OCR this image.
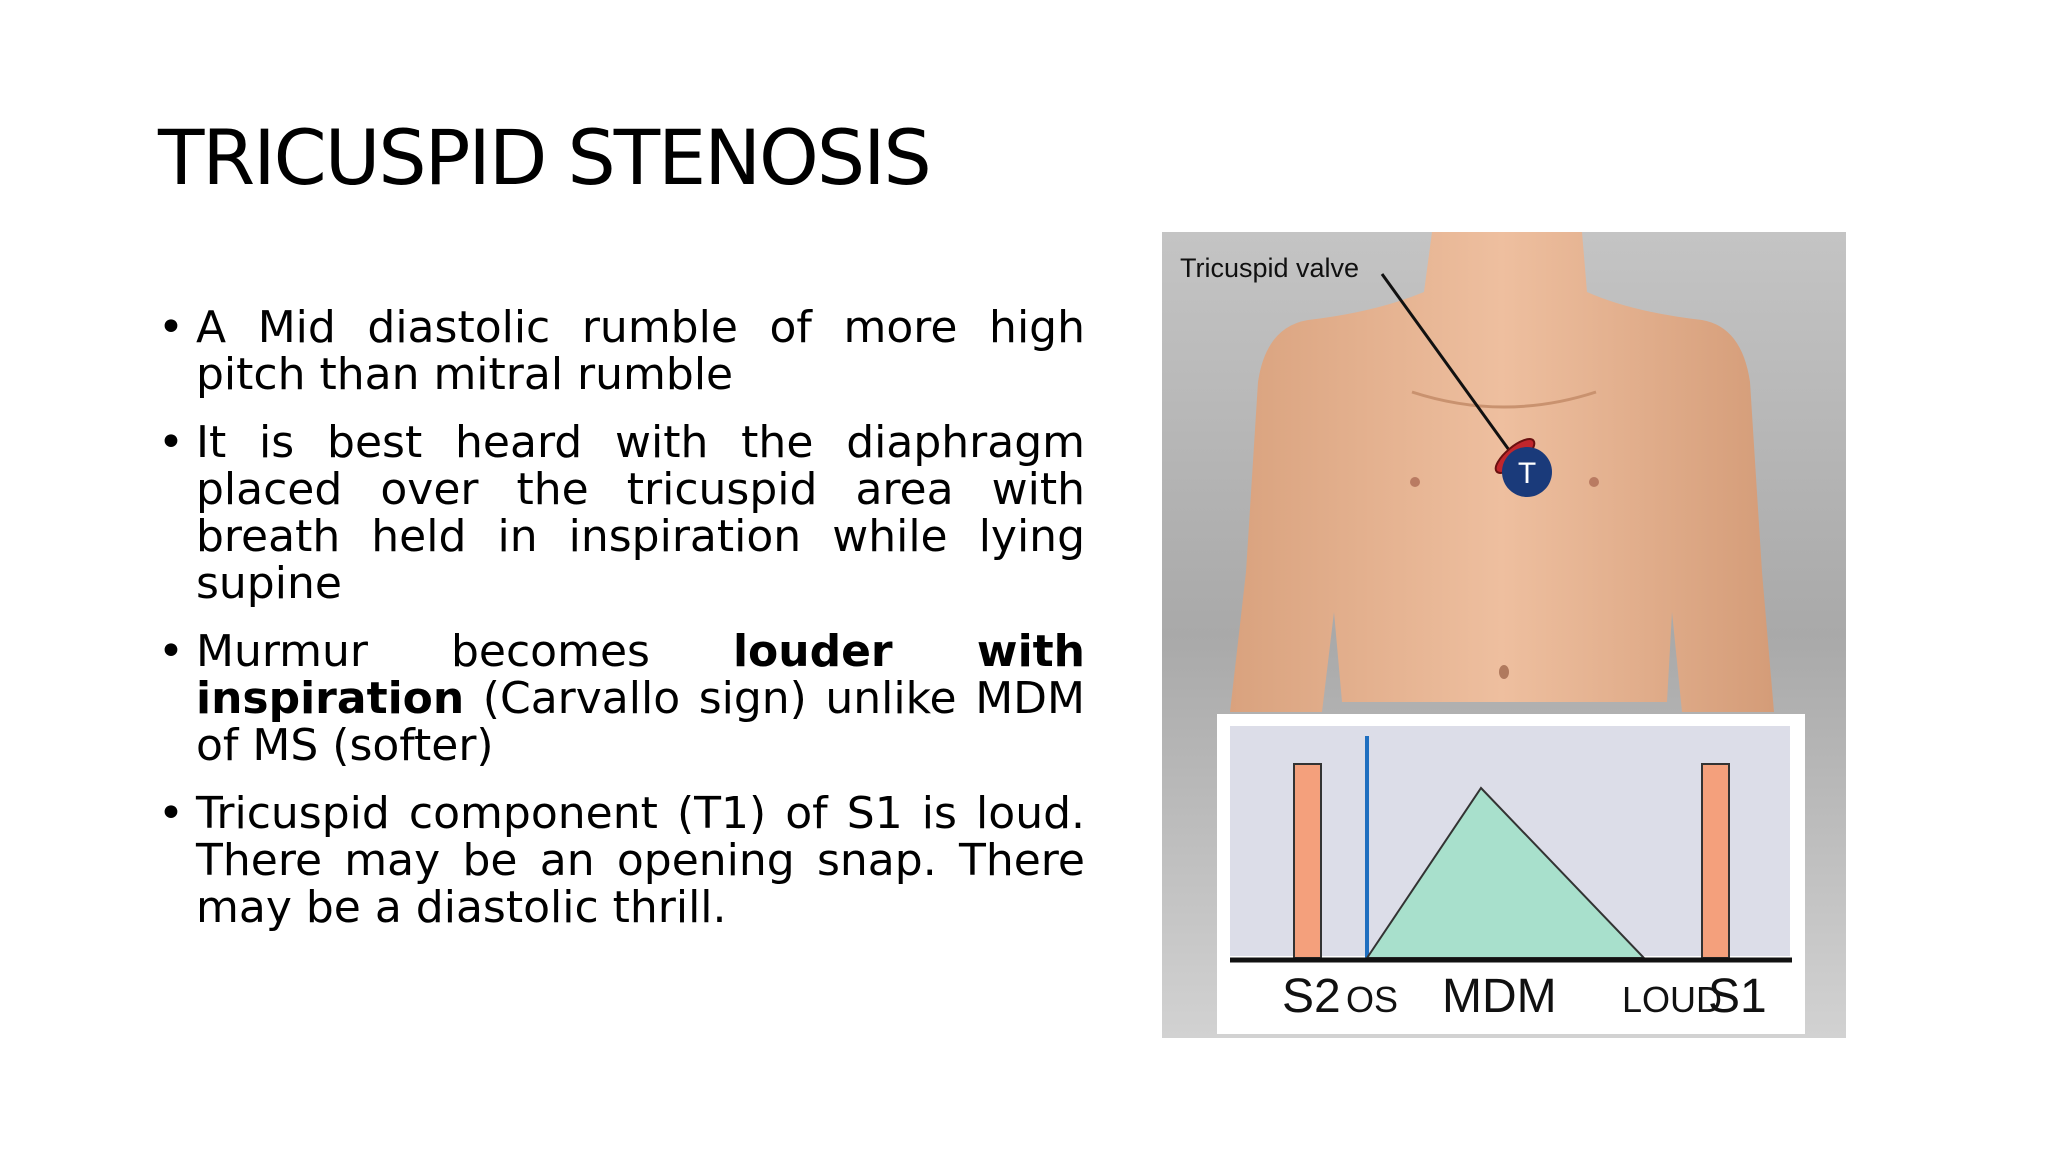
TRICUSPID STENOSIS
• A Mid diastolic rumble of more high pitch than mitral rumble
• It is best heard with the diaphragm placed over the tricuspid area with breath held in inspiration while lying supine
• Murmur becomes louder with inspiration (Carvallo sign) unlike MDM of MS (softer)
• Tricuspid component (T1) of S1 is loud. There may be an opening snap. There may be a diastolic thrill.
T
Tricuspid valve
S2 OS MDM LOUD
S1
